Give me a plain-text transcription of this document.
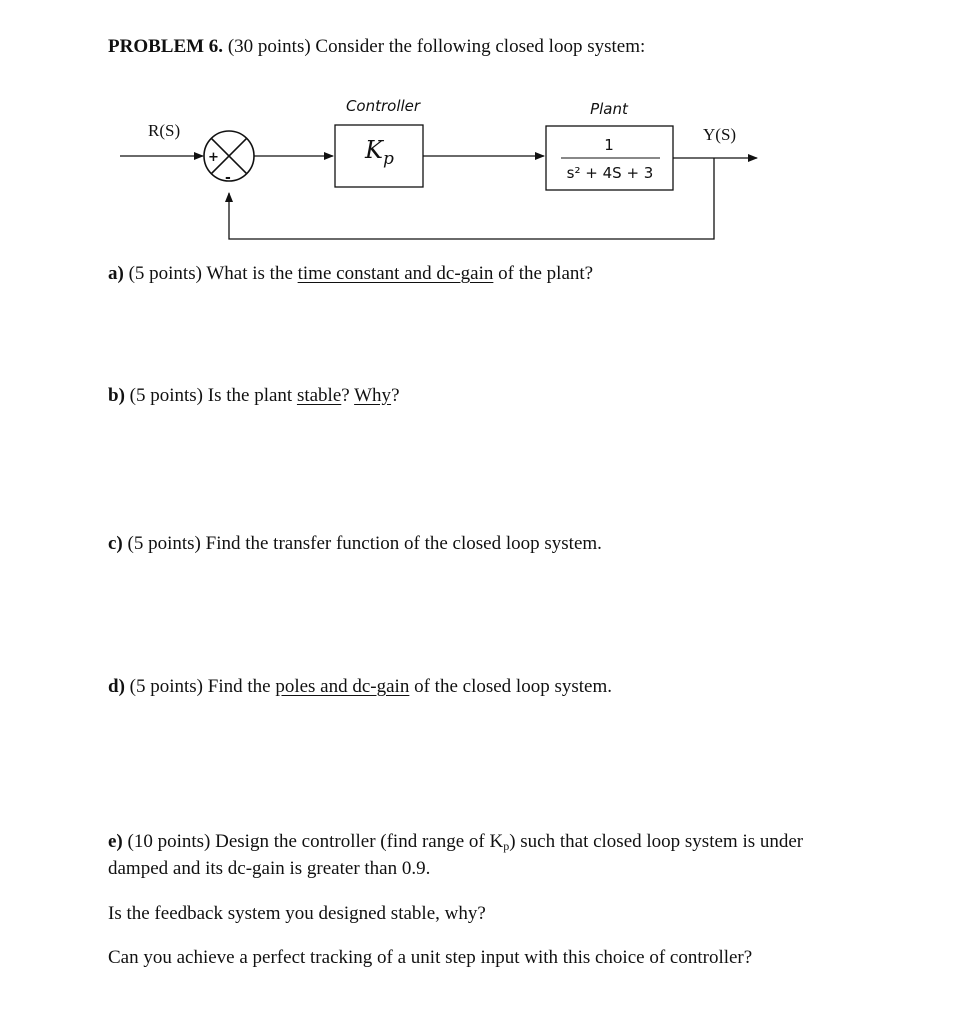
PROBLEM 6. (30 points) Consider the following closed loop system:

R(S)
+
-
Controller
$K_p$
Plant
1
s² + 4S + 3
Y(S)

a) (5 points) What is the time constant and dc-gain of the plant?

b) (5 points) Is the plant stable? Why?

c) (5 points) Find the transfer function of the closed loop system.

d) (5 points) Find the poles and dc-gain of the closed loop system.

e) (10 points) Design the controller (find range of $K_p$) such that closed loop system is under

damped and its dc-gain is greater than 0.9.

Is the feedback system you designed stable, why?

Can you achieve a perfect tracking of a unit step input with this choice of controller?
